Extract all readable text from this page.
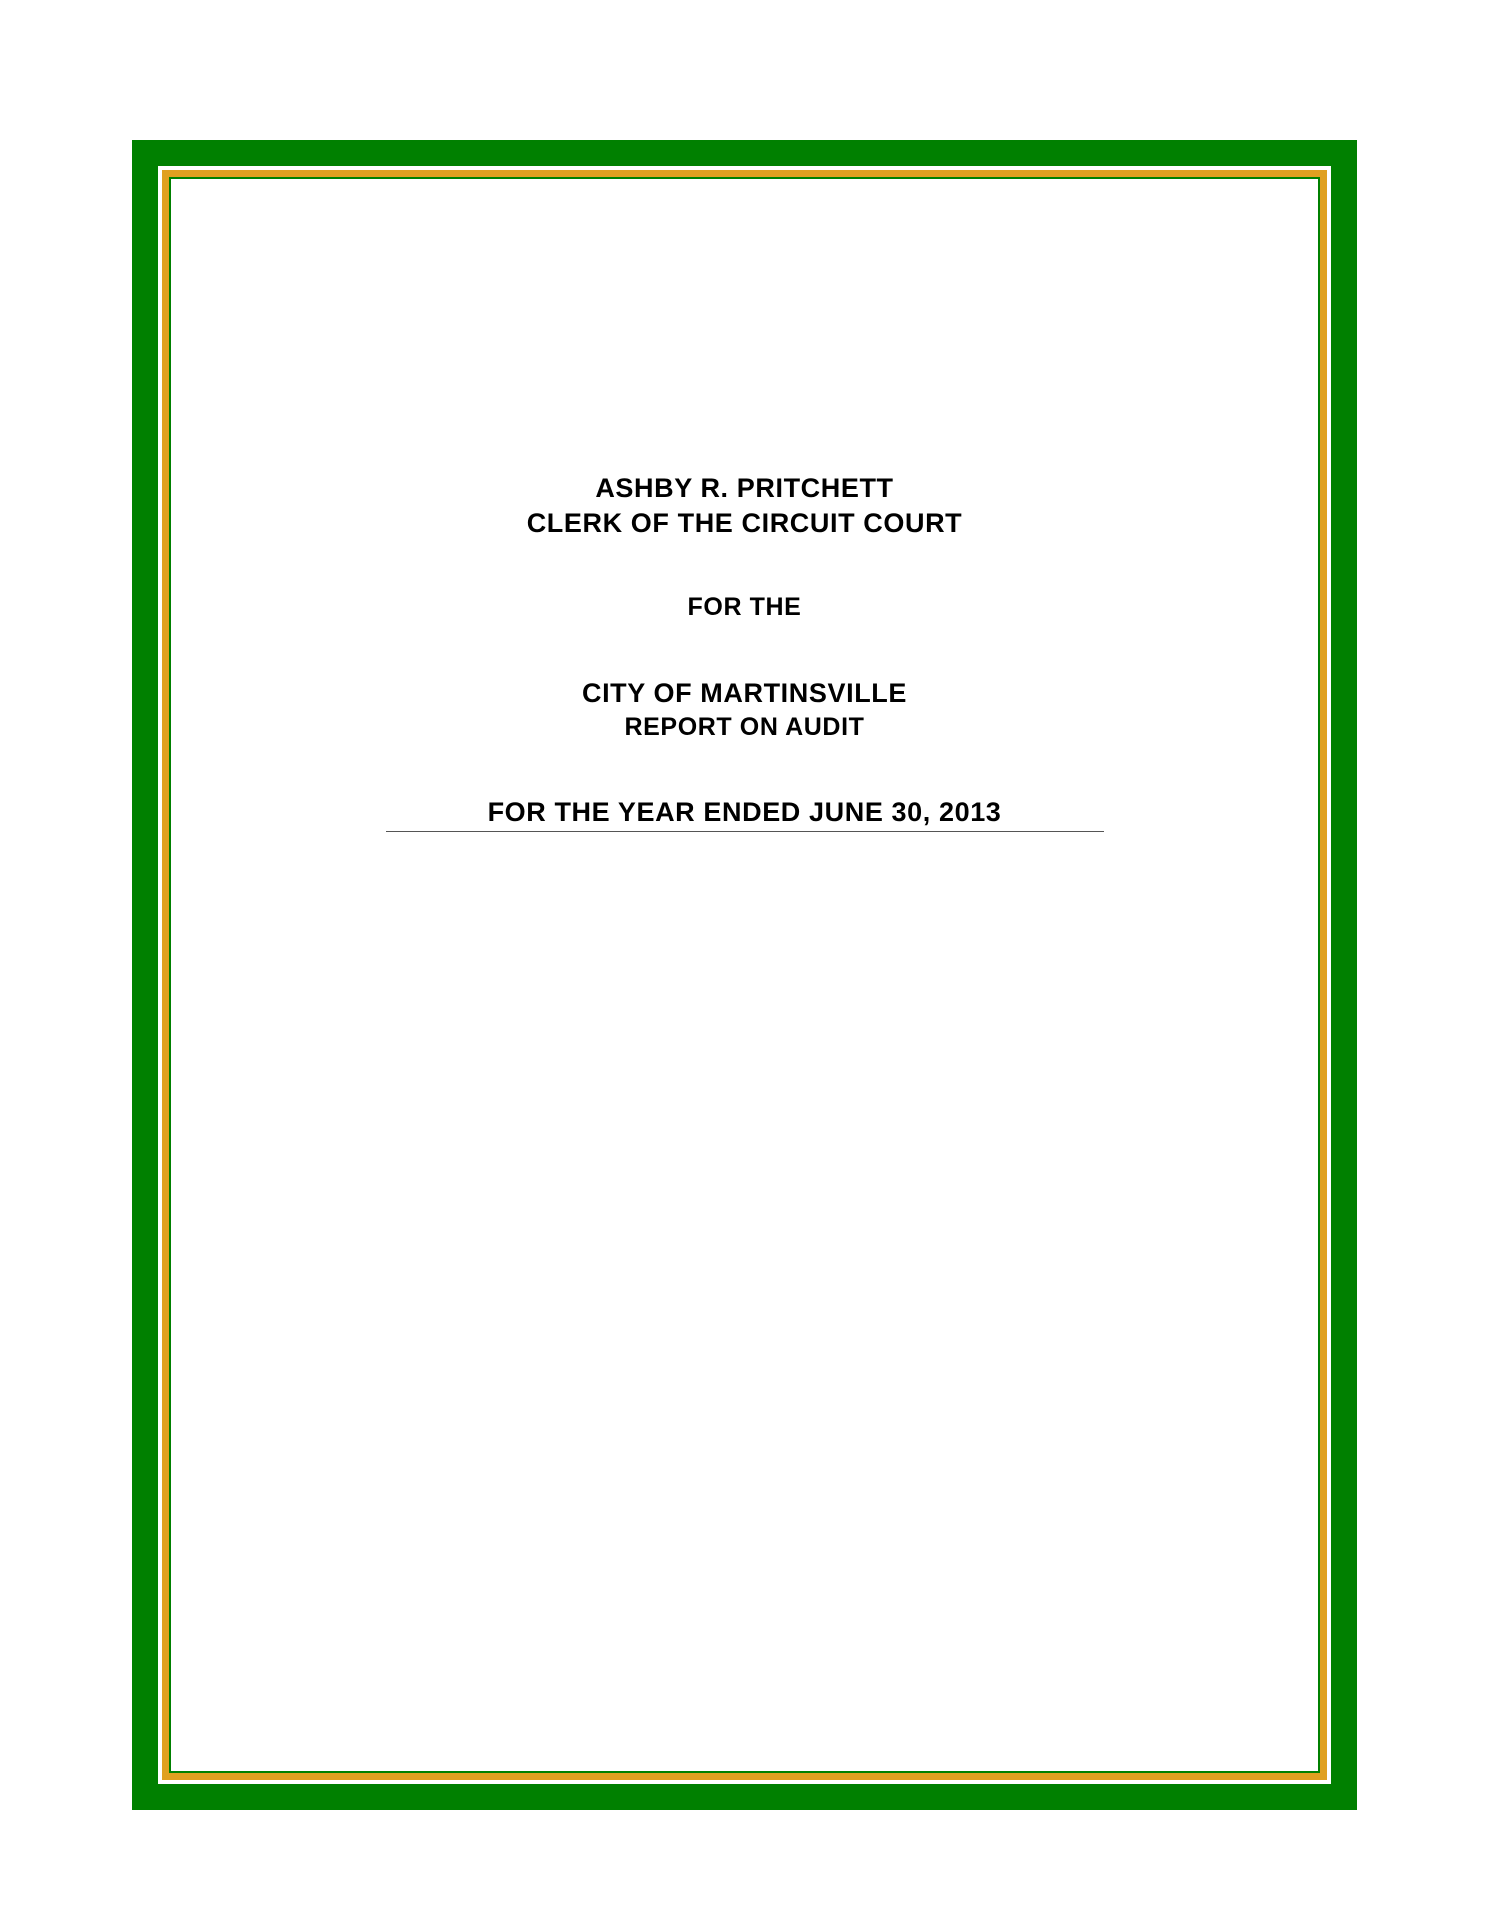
ASHBY R. PRITCHETT
CLERK OF THE CIRCUIT COURT
FOR THE
CITY OF MARTINSVILLE
REPORT ON AUDIT
FOR THE YEAR ENDED JUNE 30, 2013
